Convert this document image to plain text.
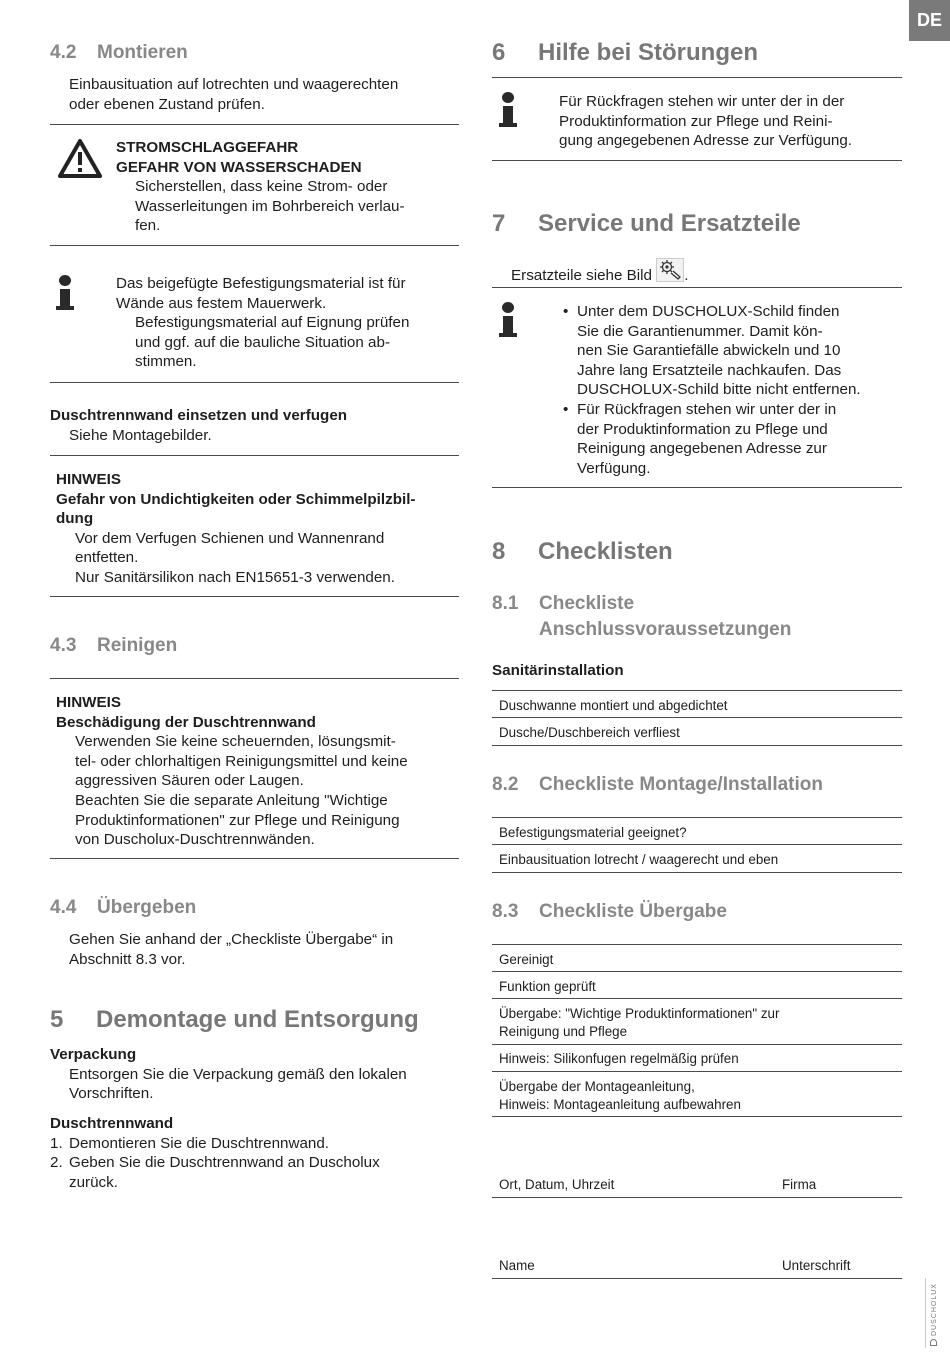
DE
4.2 Montieren
Einbausituation auf lotrechten und waagerechten
oder ebenen Zustand prüfen.
STROMSCHLAGGEFAHR
GEFAHR VON WASSERSCHADEN
Sicherstellen, dass keine Strom- oder
Wasserleitungen im Bohrbereich verlau-
fen.
Das beigefügte Befestigungsmaterial ist für
Wände aus festem Mauerwerk.
Befestigungsmaterial auf Eignung prüfen
und ggf. auf die bauliche Situation ab-
stimmen.
Duschtrennwand einsetzen und verfugen
Siehe Montagebilder.
HINWEIS
Gefahr von Undichtigkeiten oder Schimmelpilzbil-
dung
Vor dem Verfugen Schienen und Wannenrand
entfetten.
Nur Sanitärsilikon nach EN15651-3 verwenden.
4.3 Reinigen
HINWEIS
Beschädigung der Duschtrennwand
Verwenden Sie keine scheuernden, lösungsmit-
tel- oder chlorhaltigen Reinigungsmittel und keine
aggressiven Säuren oder Laugen.
Beachten Sie die separate Anleitung "Wichtige
Produktinformationen" zur Pflege und Reinigung
von Duscholux-Duschtrennwänden.
4.4 Übergeben
Gehen Sie anhand der „Checkliste Übergabe“ in
Abschnitt 8.3 vor.
5 Demontage und Entsorgung
Verpackung
Entsorgen Sie die Verpackung gemäß den lokalen
Vorschriften.
Duschtrennwand
1. Demontieren Sie die Duschtrennwand.
2. Geben Sie die Duschtrennwand an Duscholux
zurück.
6 Hilfe bei Störungen
Für Rückfragen stehen wir unter der in der
Produktinformation zur Pflege und Reini-
gung angegebenen Adresse zur Verfügung.
7 Service und Ersatzteile
Ersatzteile siehe Bild .
• Unter dem DUSCHOLUX-Schild finden
Sie die Garantienummer. Damit kön-
nen Sie Garantiefälle abwickeln und 10
Jahre lang Ersatzteile nachkaufen. Das
DUSCHOLUX-Schild bitte nicht entfernen.
• Für Rückfragen stehen wir unter der in
der Produktinformation zu Pflege und
Reinigung angegebenen Adresse zur
Verfügung.
8 Checklisten
8.1 Checkliste
Anschlussvoraussetzungen
Sanitärinstallation
Duschwanne montiert und abgedichtet
Dusche/Duschbereich verfliest
8.2 Checkliste Montage/Installation
Befestigungsmaterial geeignet?
Einbausituation lotrecht / waagerecht und eben
8.3 Checkliste Übergabe
Gereinigt
Funktion geprüft
Übergabe: "Wichtige Produktinformationen" zur
Reinigung und Pflege
Hinweis: Silikonfugen regelmäßig prüfen
Übergabe der Montageanleitung,
Hinweis: Montageanleitung aufbewahren
Ort, Datum, Uhrzeit	Firma
Name	Unterschrift
DUSCHOLUX
